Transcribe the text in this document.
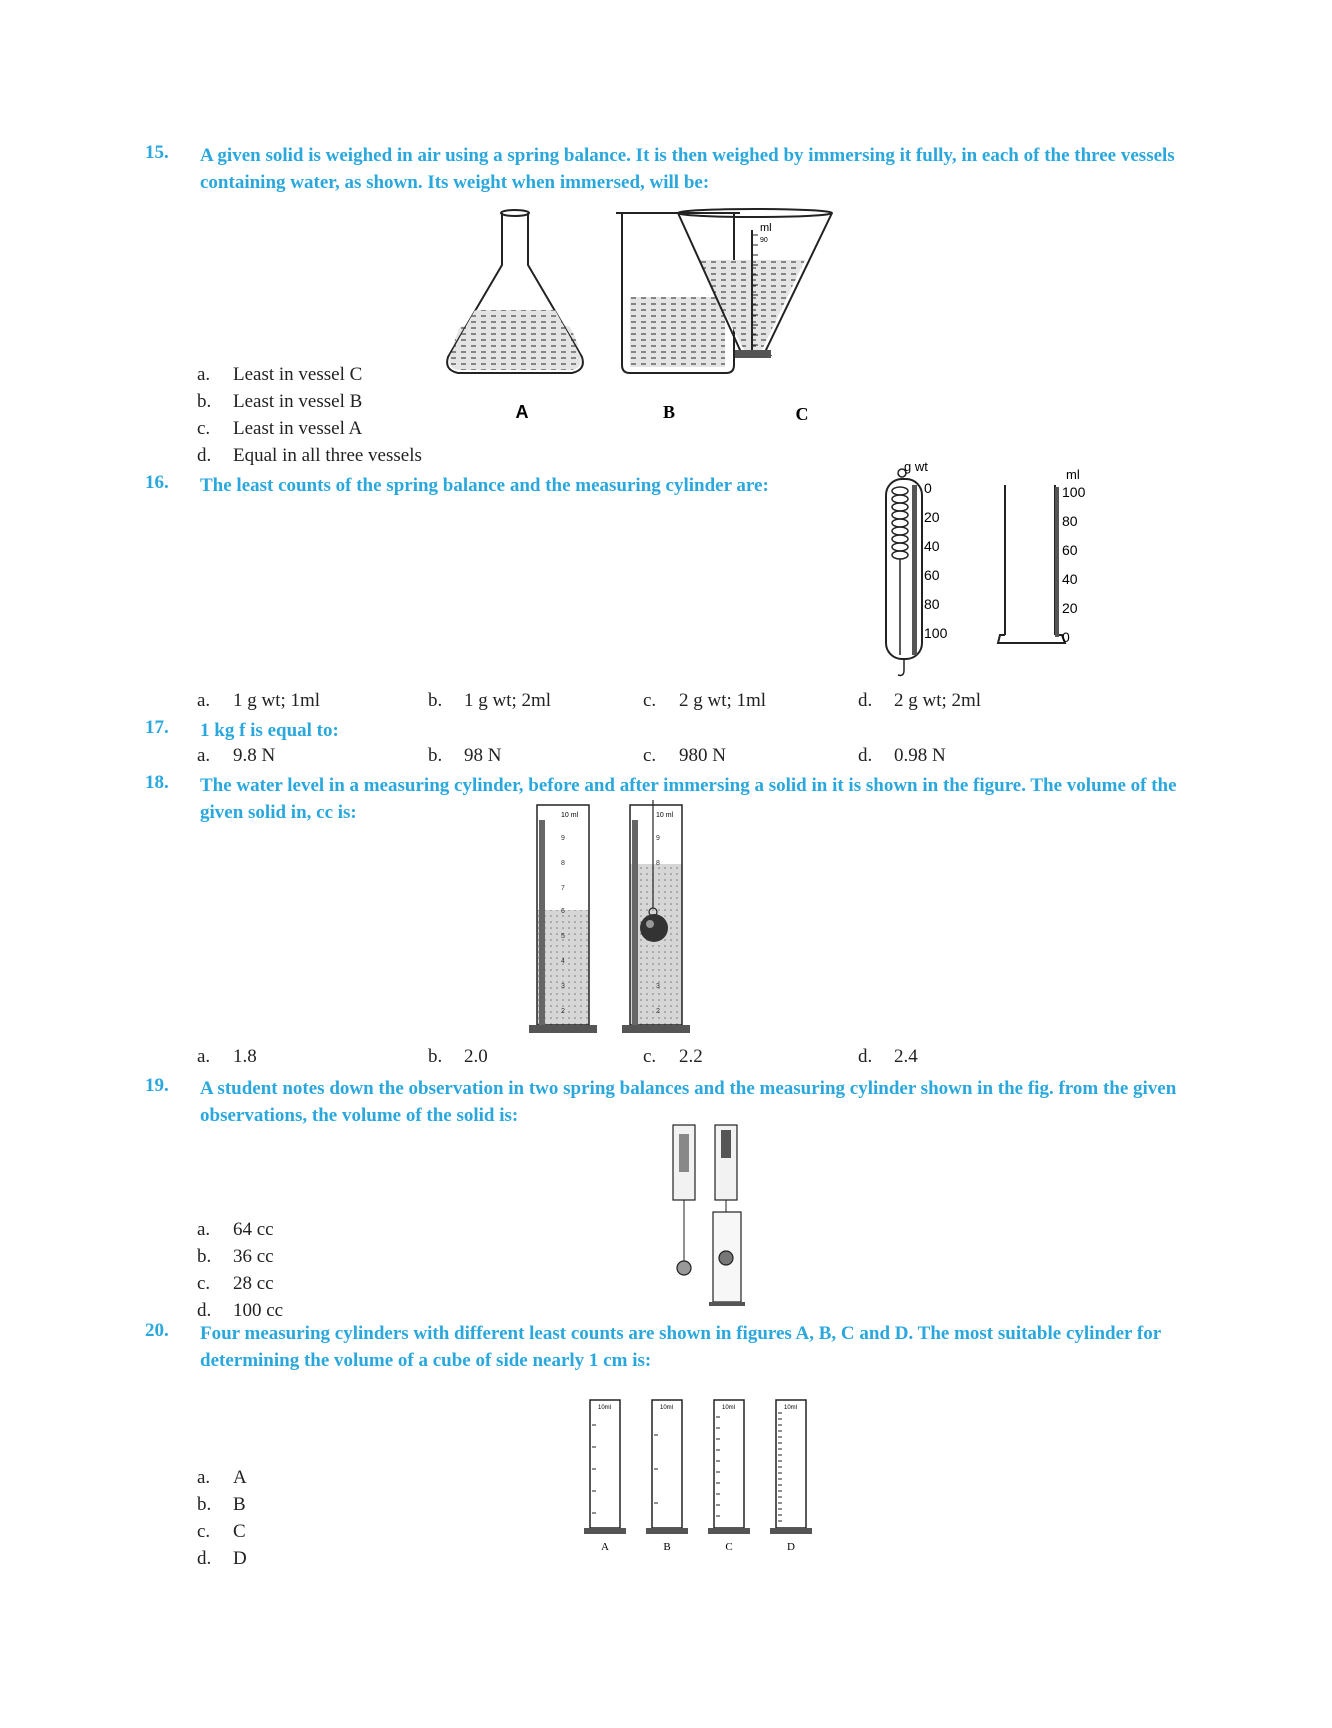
15. A given solid is weighed in air using a spring balance. It is then weighed by immersing it fully, in each of the three vessels containing water, as shown. Its weight when immersed, will be:
ml
90
A	B	C
a. Least in vessel C
b. Least in vessel B
c. Least in vessel A
d. Equal in all three vessels
16. The least counts of the spring balance and the measuring cylinder are:
g wt
0
20
40
60
80
100
ml
100
80
60
40
20
0
a. 1 g wt; 1ml	b. 1 g wt; 2ml	c. 2 g wt; 1ml	d. 2 g wt; 2ml
17. 1 kg f is equal to:
a. 9.8 N	b. 98 N	c. 980 N	d. 0.98 N
18. The water level in a measuring cylinder, before and after immersing a solid in it is shown in the figure. The volume of the given solid in, cc is:	10 ml
9
8
7
6
5
4
3
2
10 ml
9
8
3
2
a. 1.8	b. 2.0	c. 2.2	d. 2.4
19. A student notes down the observation in two spring balances and the measuring cylinder shown in the fig. from the given observations, the volume of the solid is:
a. 64 cc
b. 36 cc
c. 28 cc
d. 100 cc
20. Four measuring cylinders with different least counts are shown in figures A, B, C and D. The most suitable cylinder for determining the volume of a cube of side nearly 1 cm is:
10ml
A
10ml
B
10ml
C
10ml
D
a. A
b. B
c. C
d. D
